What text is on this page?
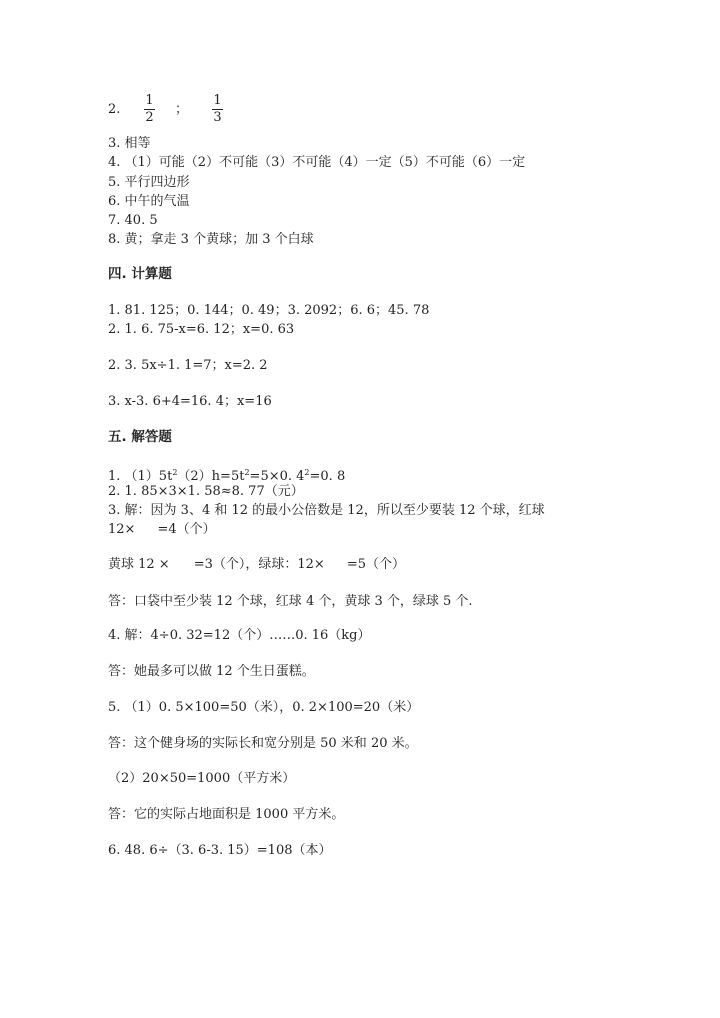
2.
1
2
；
1
3
3. 相等
4. （1）可能（2）不可能（3）不可能（4）一定（5）不可能（6）一定
5. 平行四边形
6. 中午的气温
7. 40. 5
8. 黄；拿走 3 个黄球；加 3 个白球
四. 计算题
1. 81. 125；0. 144；0. 49；3. 2092；6. 6；45. 78
2. 1. 6. 75-x=6. 12；x=0. 63
2. 3. 5x÷1. 1=7；x=2. 2
3. x-3. 6+4=16. 4；x=16
五. 解答题
1. $(1)5t^2(2)h=5t^2=5\times 0$. $4^2=0$. 8
2. 1. 85×3×1. 58≈8. 77（元）
3. 解：因为 3、4 和 12 的最小公倍数是 12，所以至少要装 12 个球，红球
12× =4（个）
黄球 12 × =3（个），绿球：12× =5（个）
答：口袋中至少装 12 个球，红球 4 个，黄球 3 个，绿球 5 个.
4. 解：4÷0. 32=12（个）……0. 16（kg）
答：她最多可以做 12 个生日蛋糕。
5. （1）0. 5×100=50（米），0. 2×100=20（米）
答：这个健身场的实际长和宽分别是 50 米和 20 米。
（2）20×50=1000（平方米）
答：它的实际占地面积是 1000 平方米。
6. 48. 6÷（3. 6-3. 15）=108（本）
